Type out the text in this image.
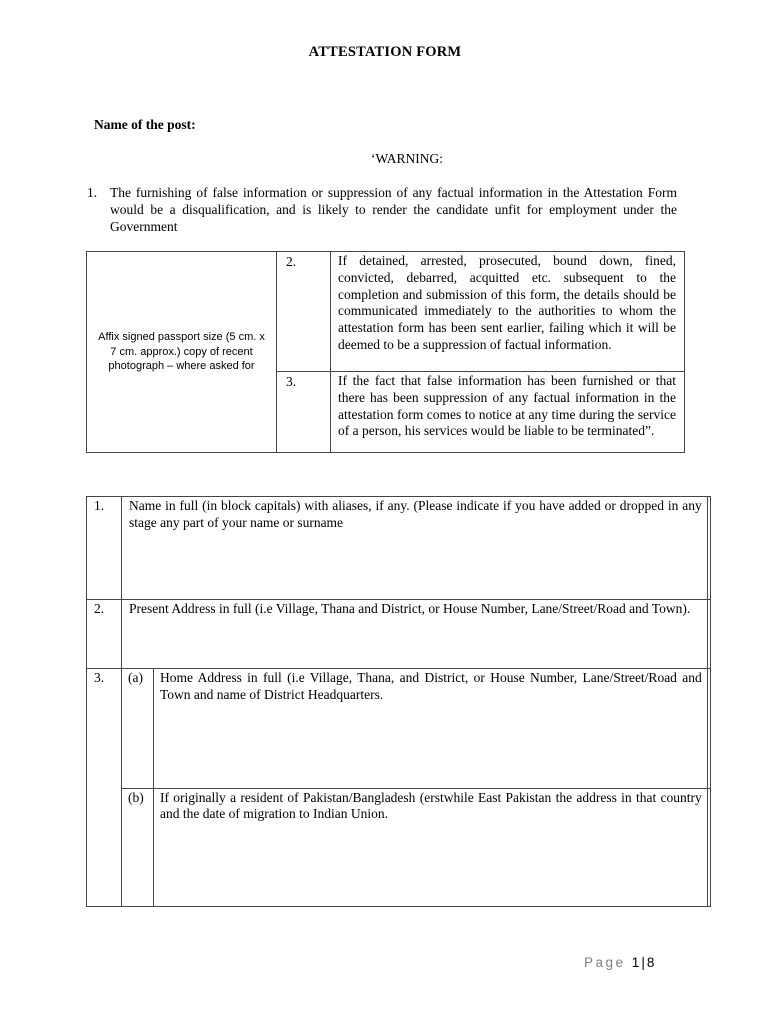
ATTESTATION FORM
Name of the post:
‘WARNING:
1. The furnishing of false information or suppression of any factual information in the Attestation Form would be a disqualification, and is likely to render the candidate unfit for employment under the Government
Affix signed passport size (5 cm. x 7 cm. approx.) copy of recent photograph – where asked for	2.	If detained, arrested, prosecuted, bound down, fined, convicted, debarred, acquitted etc. subsequent to the completion and submission of this form, the details should be communicated immediately to the authorities to whom the attestation form has been sent earlier, failing which it will be deemed to be a suppression of factual information.
	3.	If the fact that false information has been furnished or that there has been suppression of any factual information in the attestation form comes to notice at any time during the service of a person, his services would be liable to be terminated”.
1.	Name in full (in block capitals) with aliases, if any. (Please indicate if you have added or dropped in any stage any part of your name or surname		
2.	Present Address in full (i.e Village, Thana and District, or House Number, Lane/Street/Road and Town).		
3.	(a)	Home Address in full (i.e Village, Thana, and District, or House Number, Lane/Street/Road and Town and name of District Headquarters.	
	(b)	If originally a resident of Pakistan/Bangladesh (erstwhile East Pakistan the address in that country and the date of migration to Indian Union.	
Page 1 | 8
